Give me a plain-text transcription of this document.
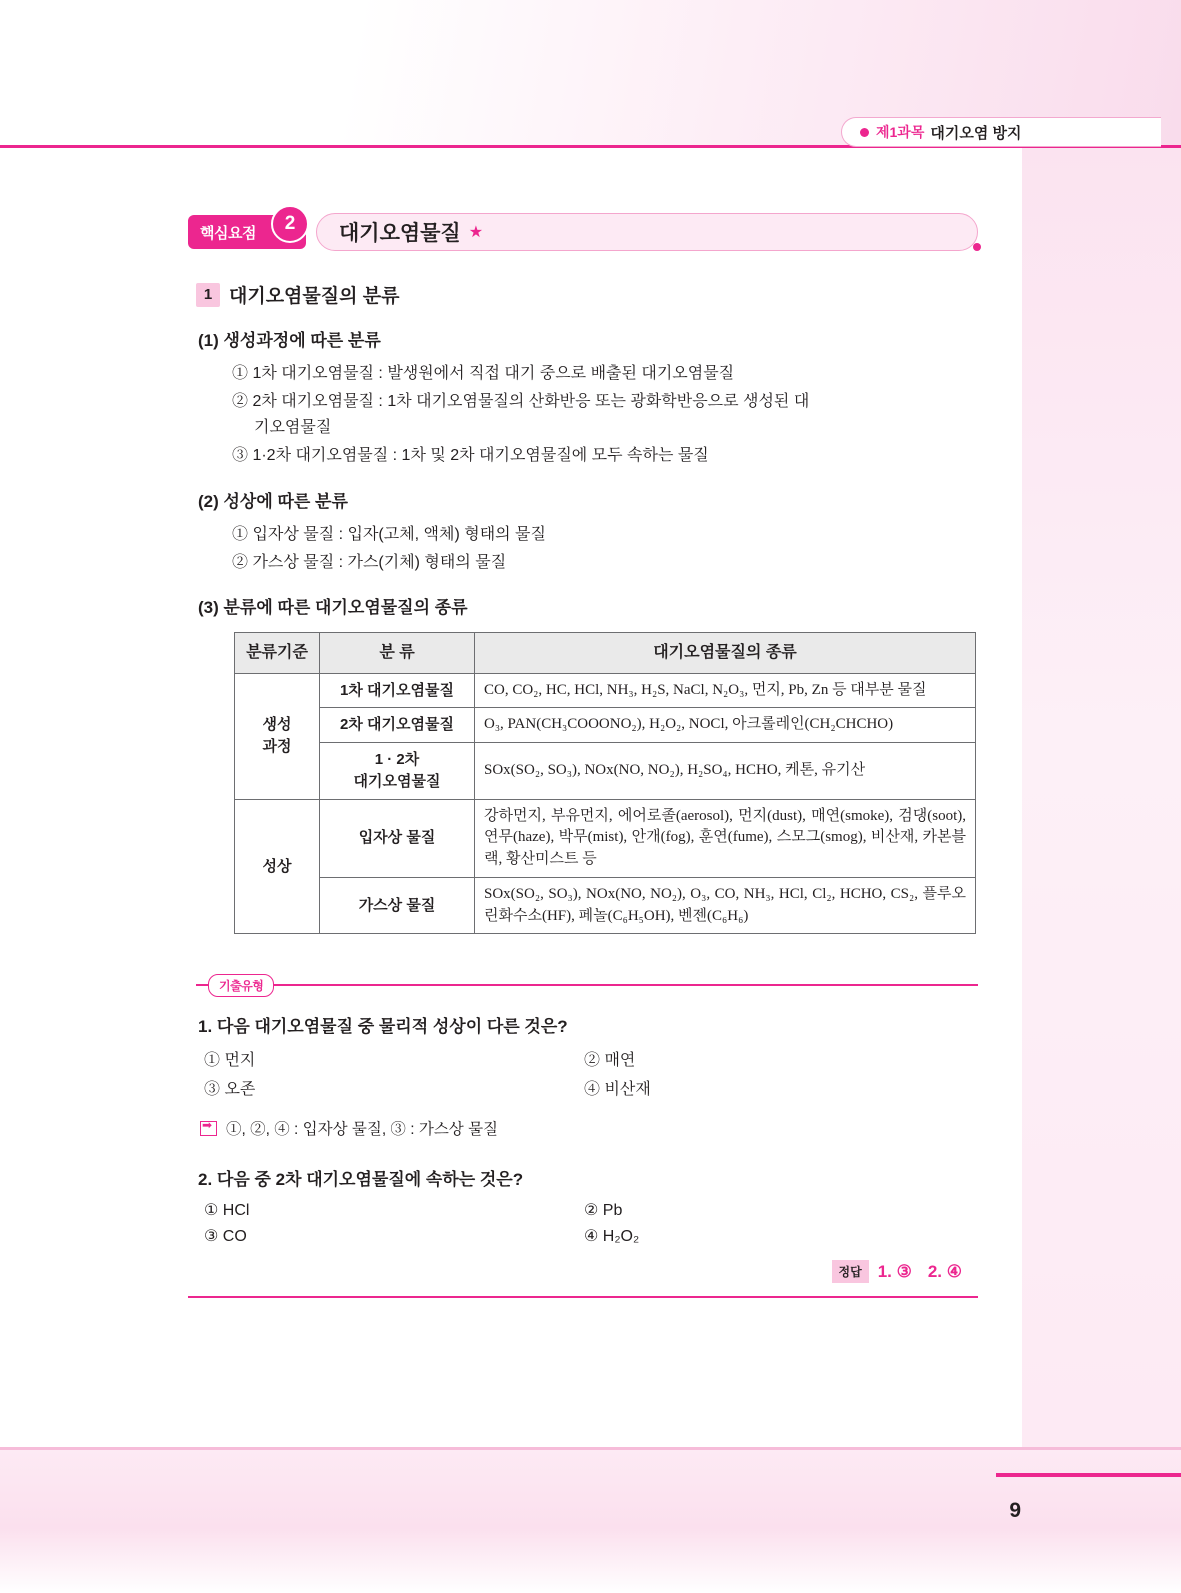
9
제1과목 대기오염 방지
핵심요점	2	대기오염물질 ★
1 대기오염물질의 분류
(1) 생성과정에 따른 분류
① 1차 대기오염물질 : 발생원에서 직접 대기 중으로 배출된 대기오염물질
② 2차 대기오염물질 : 1차 대기오염물질의 산화반응 또는 광화학반응으로 생성된 대
기오염물질
③ 1·2차 대기오염물질 : 1차 및 2차 대기오염물질에 모두 속하는 물질
(2) 성상에 따른 분류
① 입자상 물질 : 입자(고체, 액체) 형태의 물질
② 가스상 물질 : 가스(기체) 형태의 물질
(3) 분류에 따른 대기오염물질의 종류
분류기준	분 류	대기오염물질의 종류
생성
과정	1차 대기오염물질	CO, CO₂, HC, HCl, NH₃, H₂S, NaCl, N₂O₃, 먼지, Pb, Zn 등 대부분 물질
	2차 대기오염물질	O₃, PAN(CH₃COOONO₂), H₂O₂, NOCl, 아크롤레인(CH₂CHCHO)
	1 · 2차
대기오염물질	SOx(SO₂, SO₃), NOx(NO, NO₂), H₂SO₄, HCHO, 케톤, 유기산
성상	입자상 물질	강하먼지, 부유먼지, 에어로졸(aerosol), 먼지(dust), 매연(smoke), 검댕(soot), 연무(haze), 박무(mist), 안개(fog), 훈연(fume), 스모그(smog), 비산재, 카본블랙, 황산미스트 등
	가스상 물질	SOx(SO₂, SO₃), NOx(NO, NO₂), O₃, CO, NH₃, HCl, Cl₂, HCHO, CS₂, 플루오린화수소(HF), 페놀(C₆H₅OH), 벤젠(C₆H₆)
기출유형
1. 다음 대기오염물질 중 물리적 성상이 다른 것은?
① 먼지	② 매연
③ 오존	④ 비산재
➡
①, ②, ④ : 입자상 물질, ③ : 가스상 물질
2. 다음 중 2차 대기오염물질에 속하는 것은?
① HCl	② Pb
③ CO	④ H₂O₂
정답 1. ③ 2. ④
